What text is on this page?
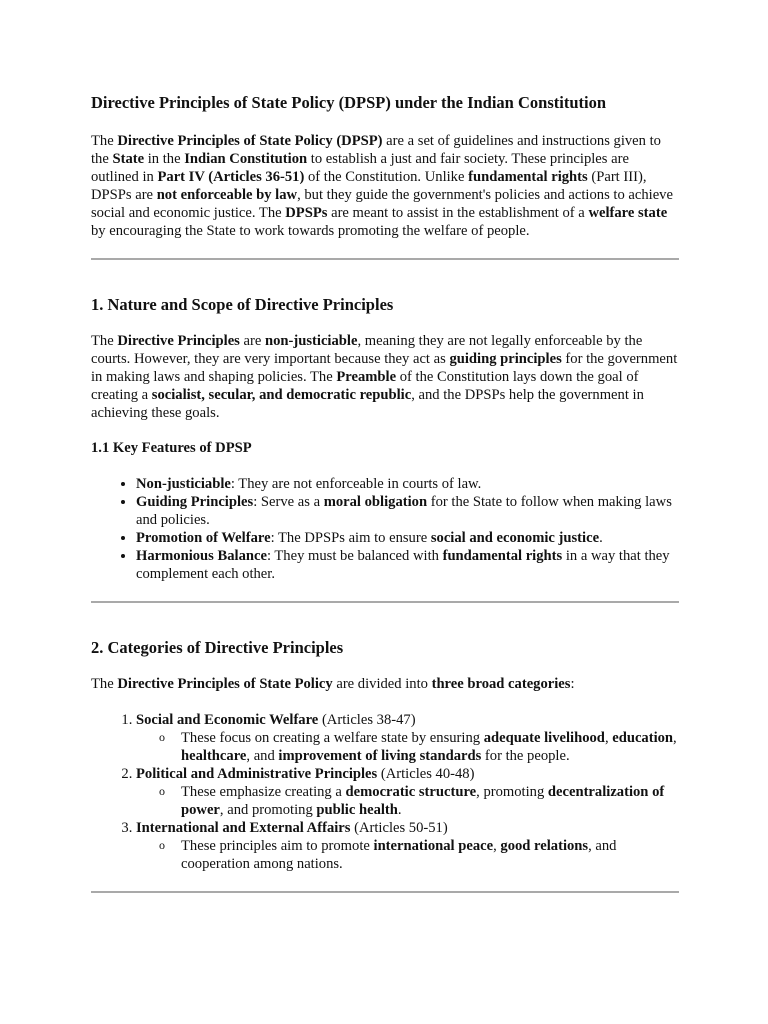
Directive Principles of State Policy (DPSP) under the Indian Constitution

The Directive Principles of State Policy (DPSP) are a set of guidelines and instructions given to the State in the Indian Constitution to establish a just and fair society. These principles are outlined in Part IV (Articles 36-51) of the Constitution. Unlike fundamental rights (Part III), DPSPs are not enforceable by law, but they guide the government's policies and actions to achieve social and economic justice. The DPSPs are meant to assist in the establishment of a welfare state by encouraging the State to work towards promoting the welfare of people.

1. Nature and Scope of Directive Principles

The Directive Principles are non-justiciable, meaning they are not legally enforceable by the courts. However, they are very important because they act as guiding principles for the government in making laws and shaping policies. The Preamble of the Constitution lays down the goal of creating a socialist, secular, and democratic republic, and the DPSPs help the government in achieving these goals.

1.1 Key Features of DPSP
• Non-justiciable: They are not enforceable in courts of law.
• Guiding Principles: Serve as a moral obligation for the State to follow when making laws and policies.
• Promotion of Welfare: The DPSPs aim to ensure social and economic justice.
• Harmonious Balance: They must be balanced with fundamental rights in a way that they complement each other.
2. Categories of Directive Principles

The Directive Principles of State Policy are divided into three broad categories:

1. Social and Economic Welfare (Articles 38-47)
o These focus on creating a welfare state by ensuring adequate livelihood, education, healthcare, and improvement of living standards for the people.
2. Political and Administrative Principles (Articles 40-48)
o These emphasize creating a democratic structure, promoting decentralization of power, and promoting public health.
3. International and External Affairs (Articles 50-51)
o These principles aim to promote international peace, good relations, and cooperation among nations.
